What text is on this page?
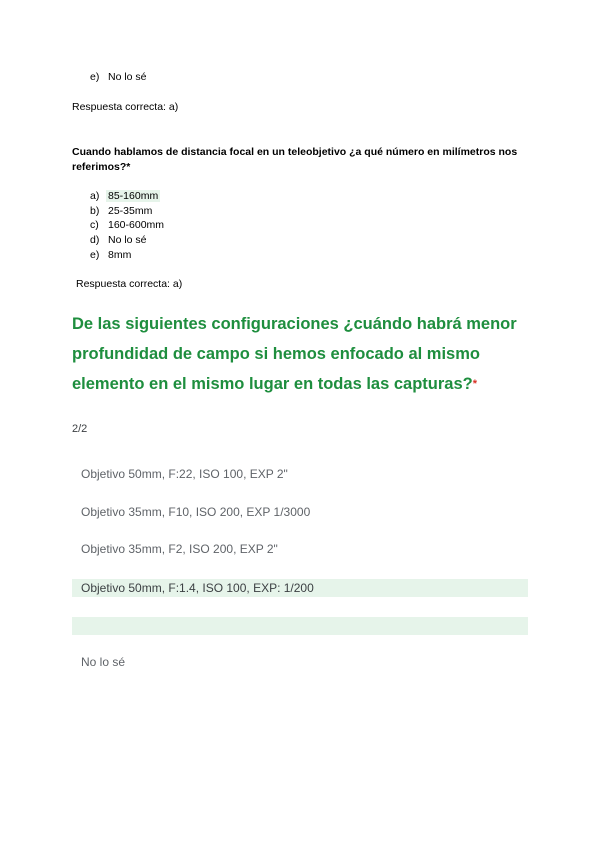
e) No lo sé
Respuesta correcta: a)
Cuando hablamos de distancia focal en un teleobjetivo ¿a qué número en milímetros nos referimos?*
a) 85-160mm
b) 25-35mm
c) 160-600mm
d) No lo sé
e) 8mm
Respuesta correcta: a)
De las siguientes configuraciones ¿cuándo habrá menor profundidad de campo si hemos enfocado al mismo elemento en el mismo lugar en todas las capturas?*
2/2
Objetivo 50mm, F:22, ISO 100, EXP 2"
Objetivo 35mm, F10, ISO 200, EXP 1/3000
Objetivo 35mm, F2, ISO 200, EXP 2"
Objetivo 50mm, F:1.4, ISO 100, EXP: 1/200
No lo sé
